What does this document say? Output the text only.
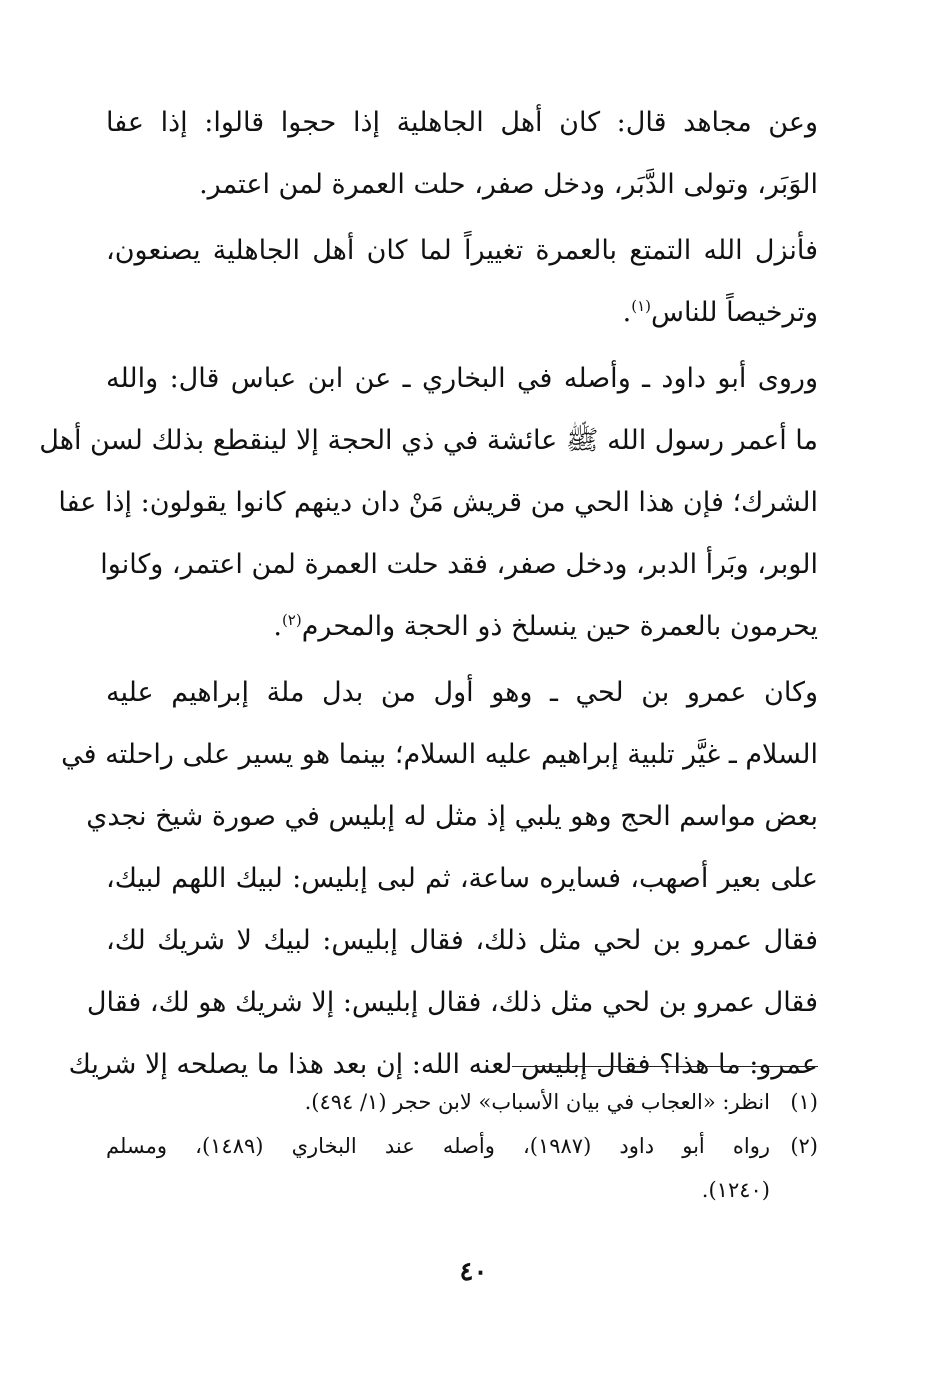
وعن مجاهد قال: كان أهل الجاهلية إذا حجوا قالوا: إذا عفا
الوَبَر، وتولى الدَّبَر، ودخل صفر، حلت العمرة لمن اعتمر.

فأنزل الله التمتع بالعمرة تغييراً لما كان أهل الجاهلية يصنعون،
وترخيصاً للناس$^{(١)}$.

وروى أبو داود ـ وأصله في البخاري ـ عن ابن عباس قال: والله
ما أعمر رسول الله ﷺ عائشة في ذي الحجة إلا لينقطع بذلك لسن أهل
الشرك؛ فإن هذا الحي من قريش مَنْ دان دينهم كانوا يقولون: إذا عفا
الوبر، وبَرأ الدبر، ودخل صفر، فقد حلت العمرة لمن اعتمر، وكانوا
يحرمون بالعمرة حين ينسلخ ذو الحجة والمحرم$^{(٢)}$.

وكان عمرو بن لحي ـ وهو أول من بدل ملة إبراهيم عليه
السلام ـ غيَّر تلبية إبراهيم عليه السلام؛ بينما هو يسير على راحلته في
بعض مواسم الحج وهو يلبي إذ مثل له إبليس في صورة شيخ نجدي
على بعير أصهب، فسايره ساعة، ثم لبى إبليس: لبيك اللهم لبيك،
فقال عمرو بن لحي مثل ذلك، فقال إبليس: لبيك لا شريك لك،
فقال عمرو بن لحي مثل ذلك، فقال إبليس: إلا شريك هو لك، فقال
عمرو: ما هذا؟ فقال إبليس لعنه الله: إن بعد هذا ما يصلحه إلا شريك

(١)
انظر: «العجاب في بيان الأسباب» لابن حجر (١/ ٤٩٤).
(٢)
رواه أبو داود (١٩٨٧)، وأصله عند البخاري (١٤٨٩)، ومسلم
(١٢٤٠).
٤٠
